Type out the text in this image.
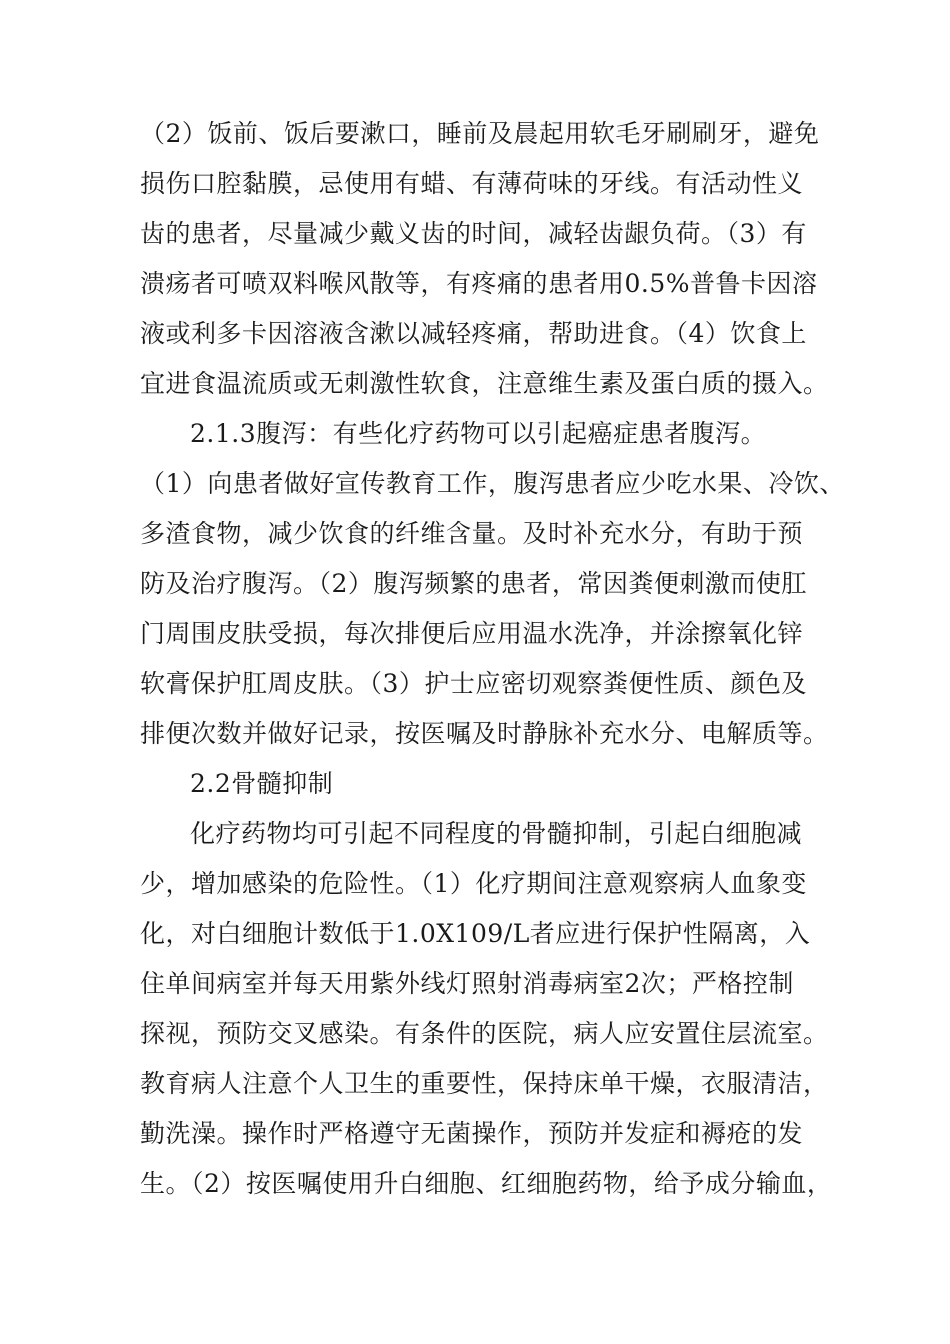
（2）饭前、饭后要漱口，睡前及晨起用软毛牙刷刷牙，避免
损伤口腔黏膜，忌使用有蜡、有薄荷味的牙线。有活动性义
齿的患者，尽量减少戴义齿的时间，减轻齿龈负荷。（3）有
溃疡者可喷双料喉风散等，有疼痛的患者用0.5%普鲁卡因溶
液或利多卡因溶液含漱以减轻疼痛，帮助进食。（4）饮食上
宜进食温流质或无刺激性软食，注意维生素及蛋白质的摄入。
2.1.3腹泻：有些化疗药物可以引起癌症患者腹泻。
（1）向患者做好宣传教育工作，腹泻患者应少吃水果、冷饮、
多渣食物，减少饮食的纤维含量。及时补充水分，有助于预
防及治疗腹泻。（2）腹泻频繁的患者，常因粪便刺激而使肛
门周围皮肤受损，每次排便后应用温水洗净，并涂擦氧化锌
软膏保护肛周皮肤。（3）护士应密切观察粪便性质、颜色及
排便次数并做好记录，按医嘱及时静脉补充水分、电解质等。
2.2骨髓抑制
化疗药物均可引起不同程度的骨髓抑制，引起白细胞减
少，增加感染的危险性。（1）化疗期间注意观察病人血象变
化，对白细胞计数低于1.0X109/L者应进行保护性隔离，入
住单间病室并每天用紫外线灯照射消毒病室2次；严格控制
探视，预防交叉感染。有条件的医院，病人应安置住层流室。
教育病人注意个人卫生的重要性，保持床单干燥，衣服清洁，
勤洗澡。操作时严格遵守无菌操作，预防并发症和褥疮的发
生。（2）按医嘱使用升白细胞、红细胞药物，给予成分输血，
